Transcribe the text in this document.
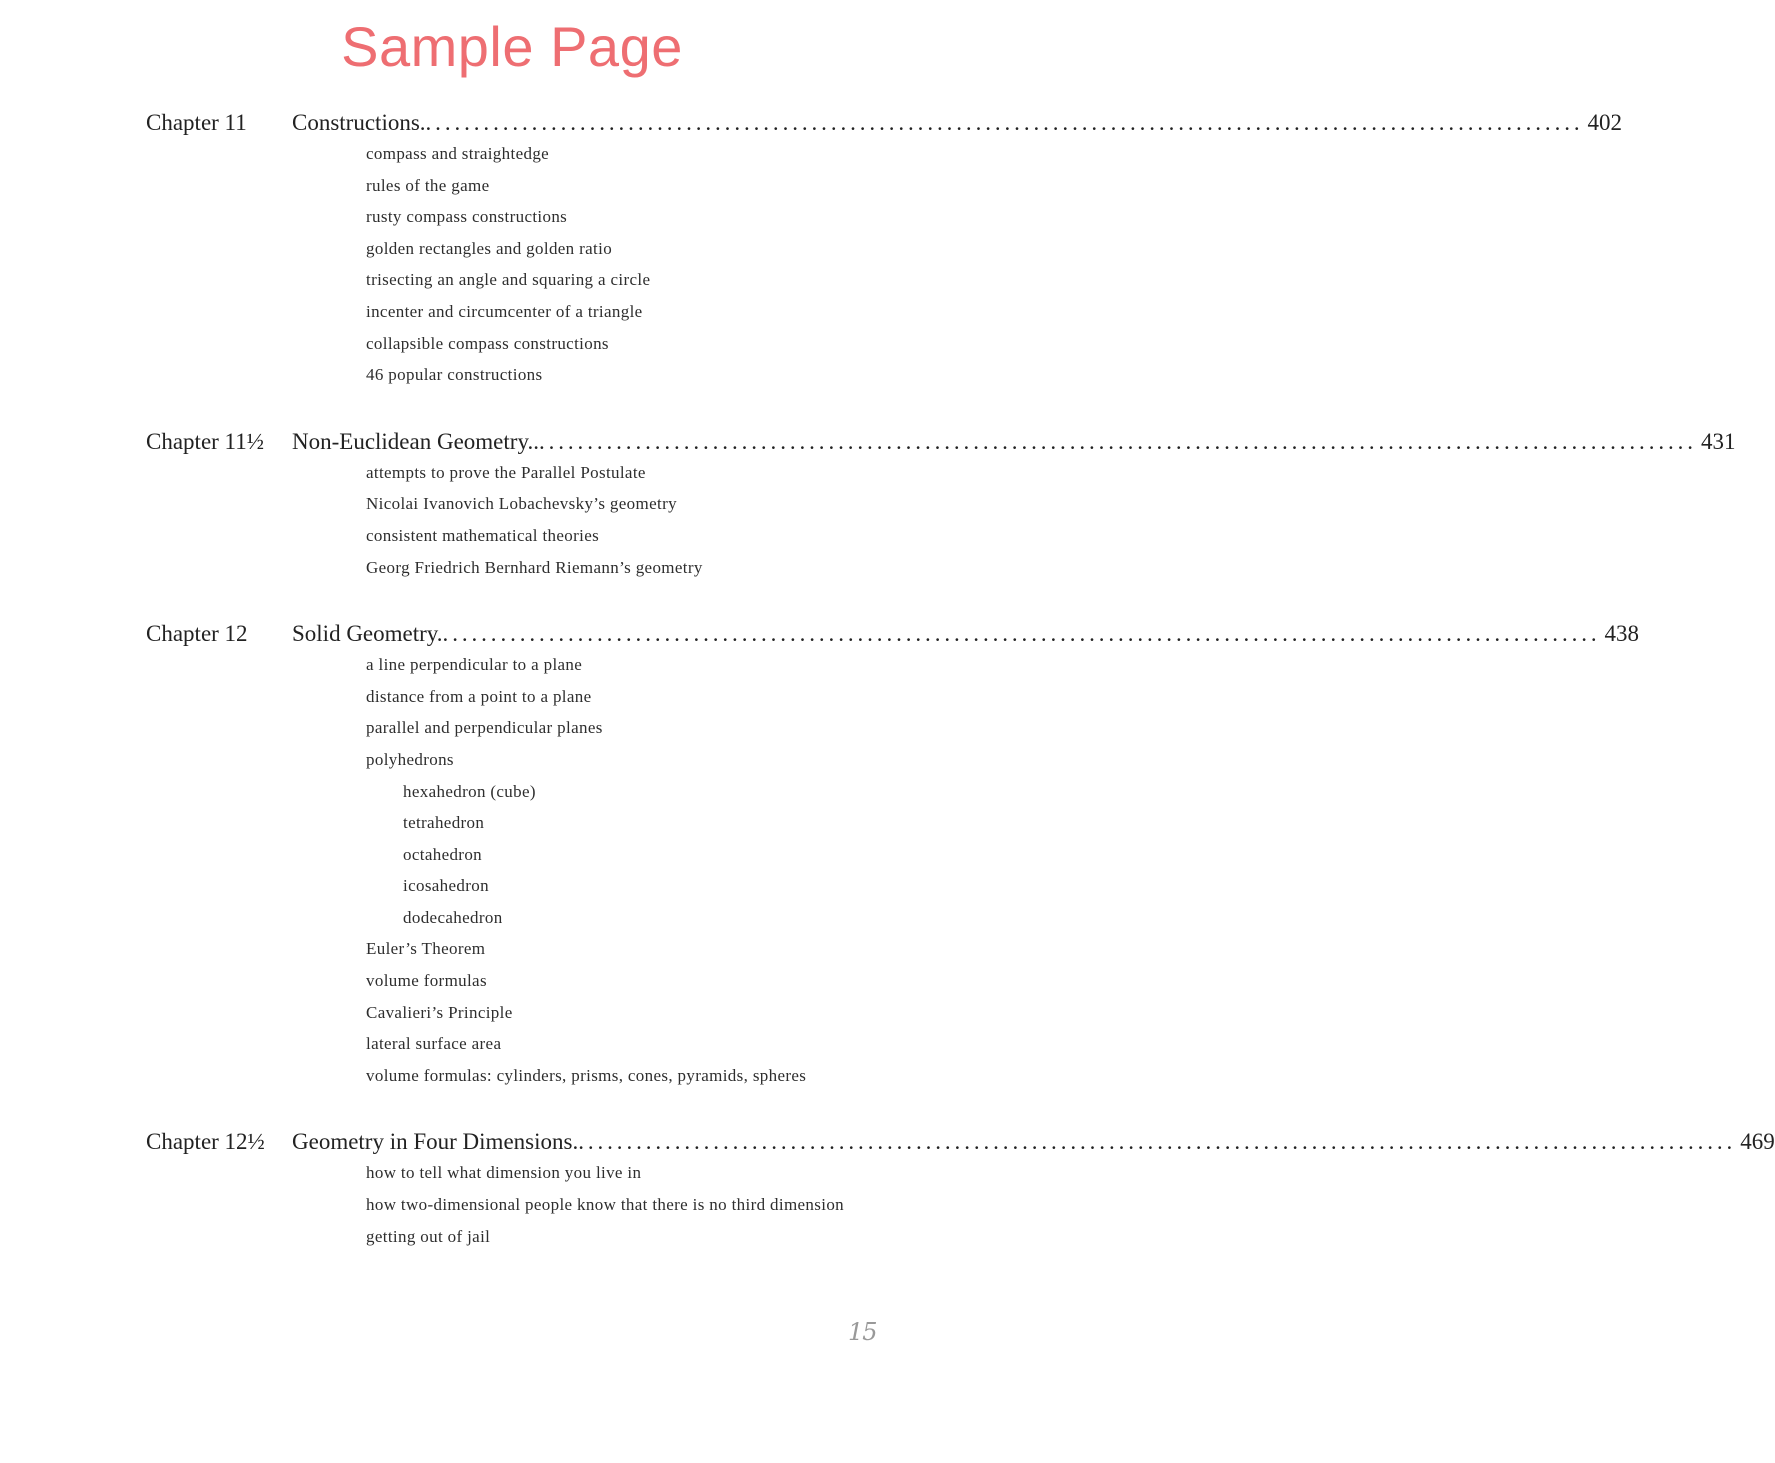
Sample Page
Chapter 11 Constructions. ........................................................................................................................ 402
compass and straightedge
rules of the game
rusty compass constructions
golden rectangles and golden ratio
trisecting an angle and squaring a circle
incenter and circumcenter of a triangle
collapsible compass constructions
46 popular constructions
Chapter 11½ Non-Euclidean Geometry.. ........................................................................................................................ 431
attempts to prove the Parallel Postulate
Nicolai Ivanovich Lobachevsky’s geometry
consistent mathematical theories
Georg Friedrich Bernhard Riemann’s geometry
Chapter 12 Solid Geometry. ........................................................................................................................ 438
a line perpendicular to a plane
distance from a point to a plane
parallel and perpendicular planes
polyhedrons
hexahedron (cube)
tetrahedron
octahedron
icosahedron
dodecahedron
Euler’s Theorem
volume formulas
Cavalieri’s Principle
lateral surface area
volume formulas: cylinders, prisms, cones, pyramids, spheres
Chapter 12½ Geometry in Four Dimensions. ........................................................................................................................ 469
how to tell what dimension you live in
how two-dimensional people know that there is no third dimension
getting out of jail
15
